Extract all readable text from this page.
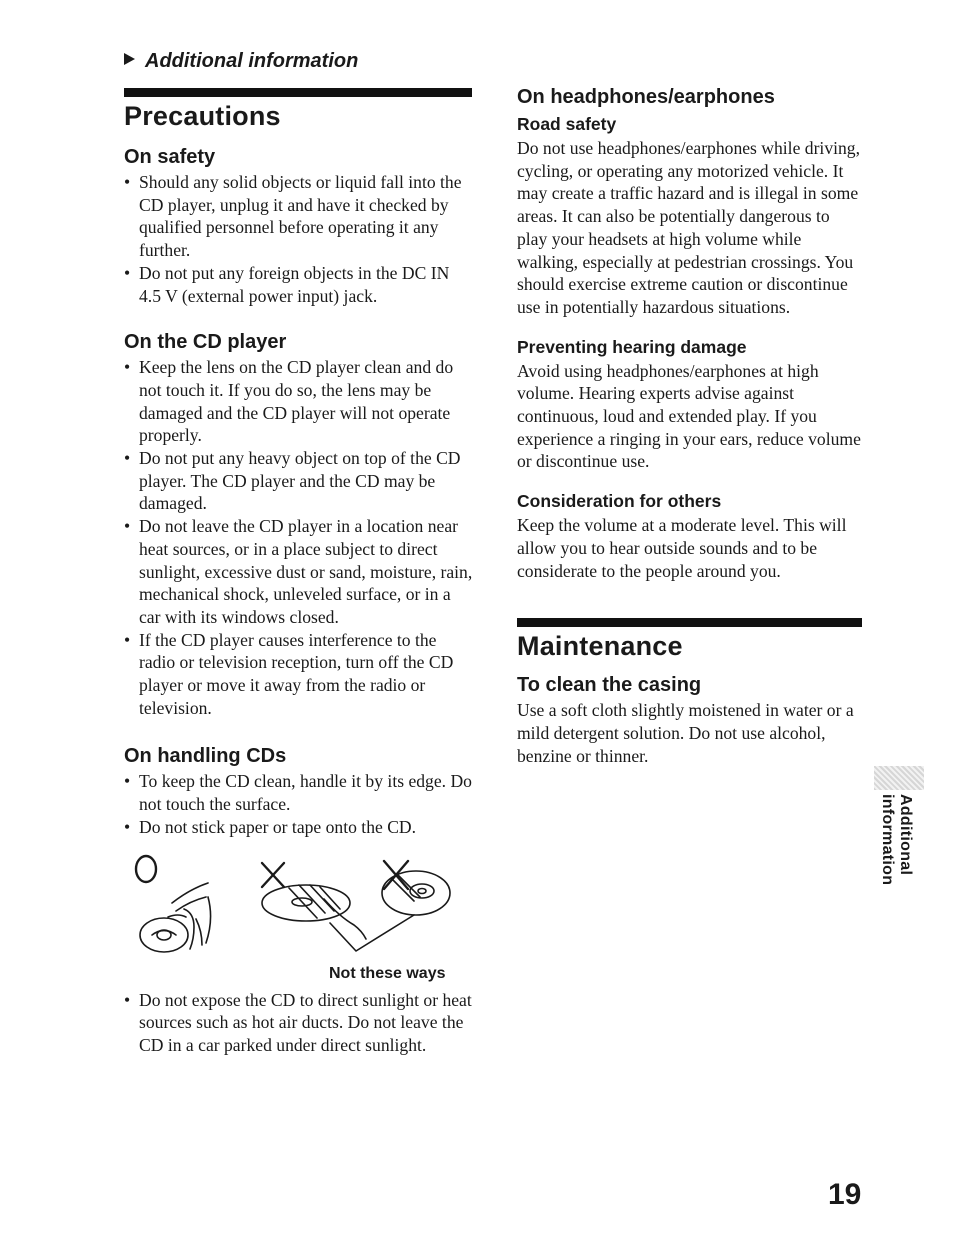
Additional information
Precautions
On safety
• Should any solid objects or liquid fall into the CD player, unplug it and have it checked by qualified personnel before operating it any further.
• Do not put any foreign objects in the DC IN 4.5 V (external power input) jack.
On the CD player
• Keep the lens on the CD player clean and do not touch it. If you do so, the lens may be damaged and the CD player will not operate properly.
• Do not put any heavy object on top of the CD player. The CD player and the CD may be damaged.
• Do not leave the CD player in a location near heat sources, or in a place subject to direct sunlight, excessive dust or sand, moisture, rain, mechanical shock, unleveled surface, or in a car with its windows closed.
• If the CD player causes interference to the radio or television reception, turn off the CD player or move it away from the radio or television.
On handling CDs
• To keep the CD clean, handle it by its edge. Do not touch the surface.
• Do not stick paper or tape onto the CD.
Not these ways
• Do not expose the CD to direct sunlight or heat sources such as hot air ducts. Do not leave the CD in a car parked under direct sunlight.
On headphones/earphones
Road safety

Do not use headphones/earphones while driving, cycling, or operating any motorized vehicle. It may create a traffic hazard and is illegal in some areas. It can also be potentially dangerous to play your headsets at high volume while walking, especially at pedestrian crossings. You should exercise extreme caution or discontinue use in potentially hazardous situations.

Preventing hearing damage

Avoid using headphones/earphones at high volume. Hearing experts advise against continuous, loud and extended play. If you experience a ringing in your ears, reduce volume or discontinue use.

Consideration for others

Keep the volume at a moderate level. This will allow you to hear outside sounds and to be considerate to the people around you.

Maintenance
To clean the casing

Use a soft cloth slightly moistened in water or a mild detergent solution. Do not use alcohol, benzine or thinner.

Additional information
19
